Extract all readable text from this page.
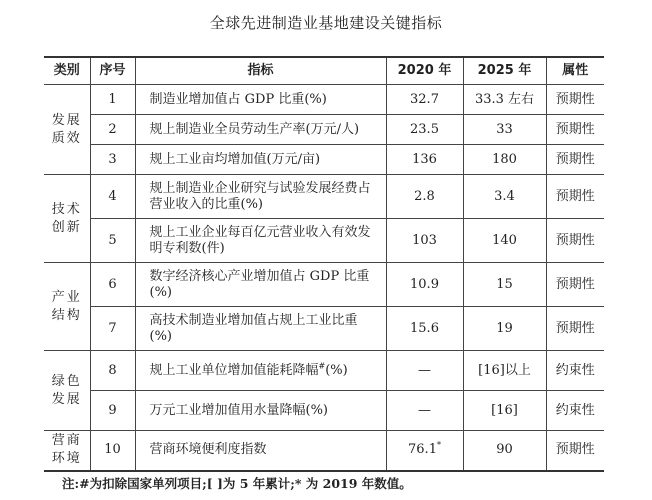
全球先进制造业基地建设关键指标
类别	序号	指标	2020 年	2025 年	属性
发展质效	1	制造业增加值占 GDP 比重(%)	32.7	33.3 左右	预期性
	2	规上制造业全员劳动生产率(万元/人)	23.5	33	预期性
	3	规上工业亩均增加值(万元/亩)	136	180	预期性
技术创新	4	规上制造业企业研究与试验发展经费占营业收入的比重(%)	2.8	3.4	预期性
	5	规上工业企业每百亿元营业收入有效发明专利数(件)	103	140	预期性
产业结构	6	数字经济核心产业增加值占 GDP 比重(%)	10.9	15	预期性
	7	高技术制造业增加值占规上工业比重(%)	15.6	19	预期性
绿色发展	8	规上工业单位增加值能耗降幅#(%)	—	[16]以上	约束性
	9	万元工业增加值用水量降幅(%)	—	[16]	约束性
营商环境	10	营商环境便利度指数	76.1*	90	预期性
注:#为扣除国家单列项目;[ ]为 5 年累计;* 为 2019 年数值。
